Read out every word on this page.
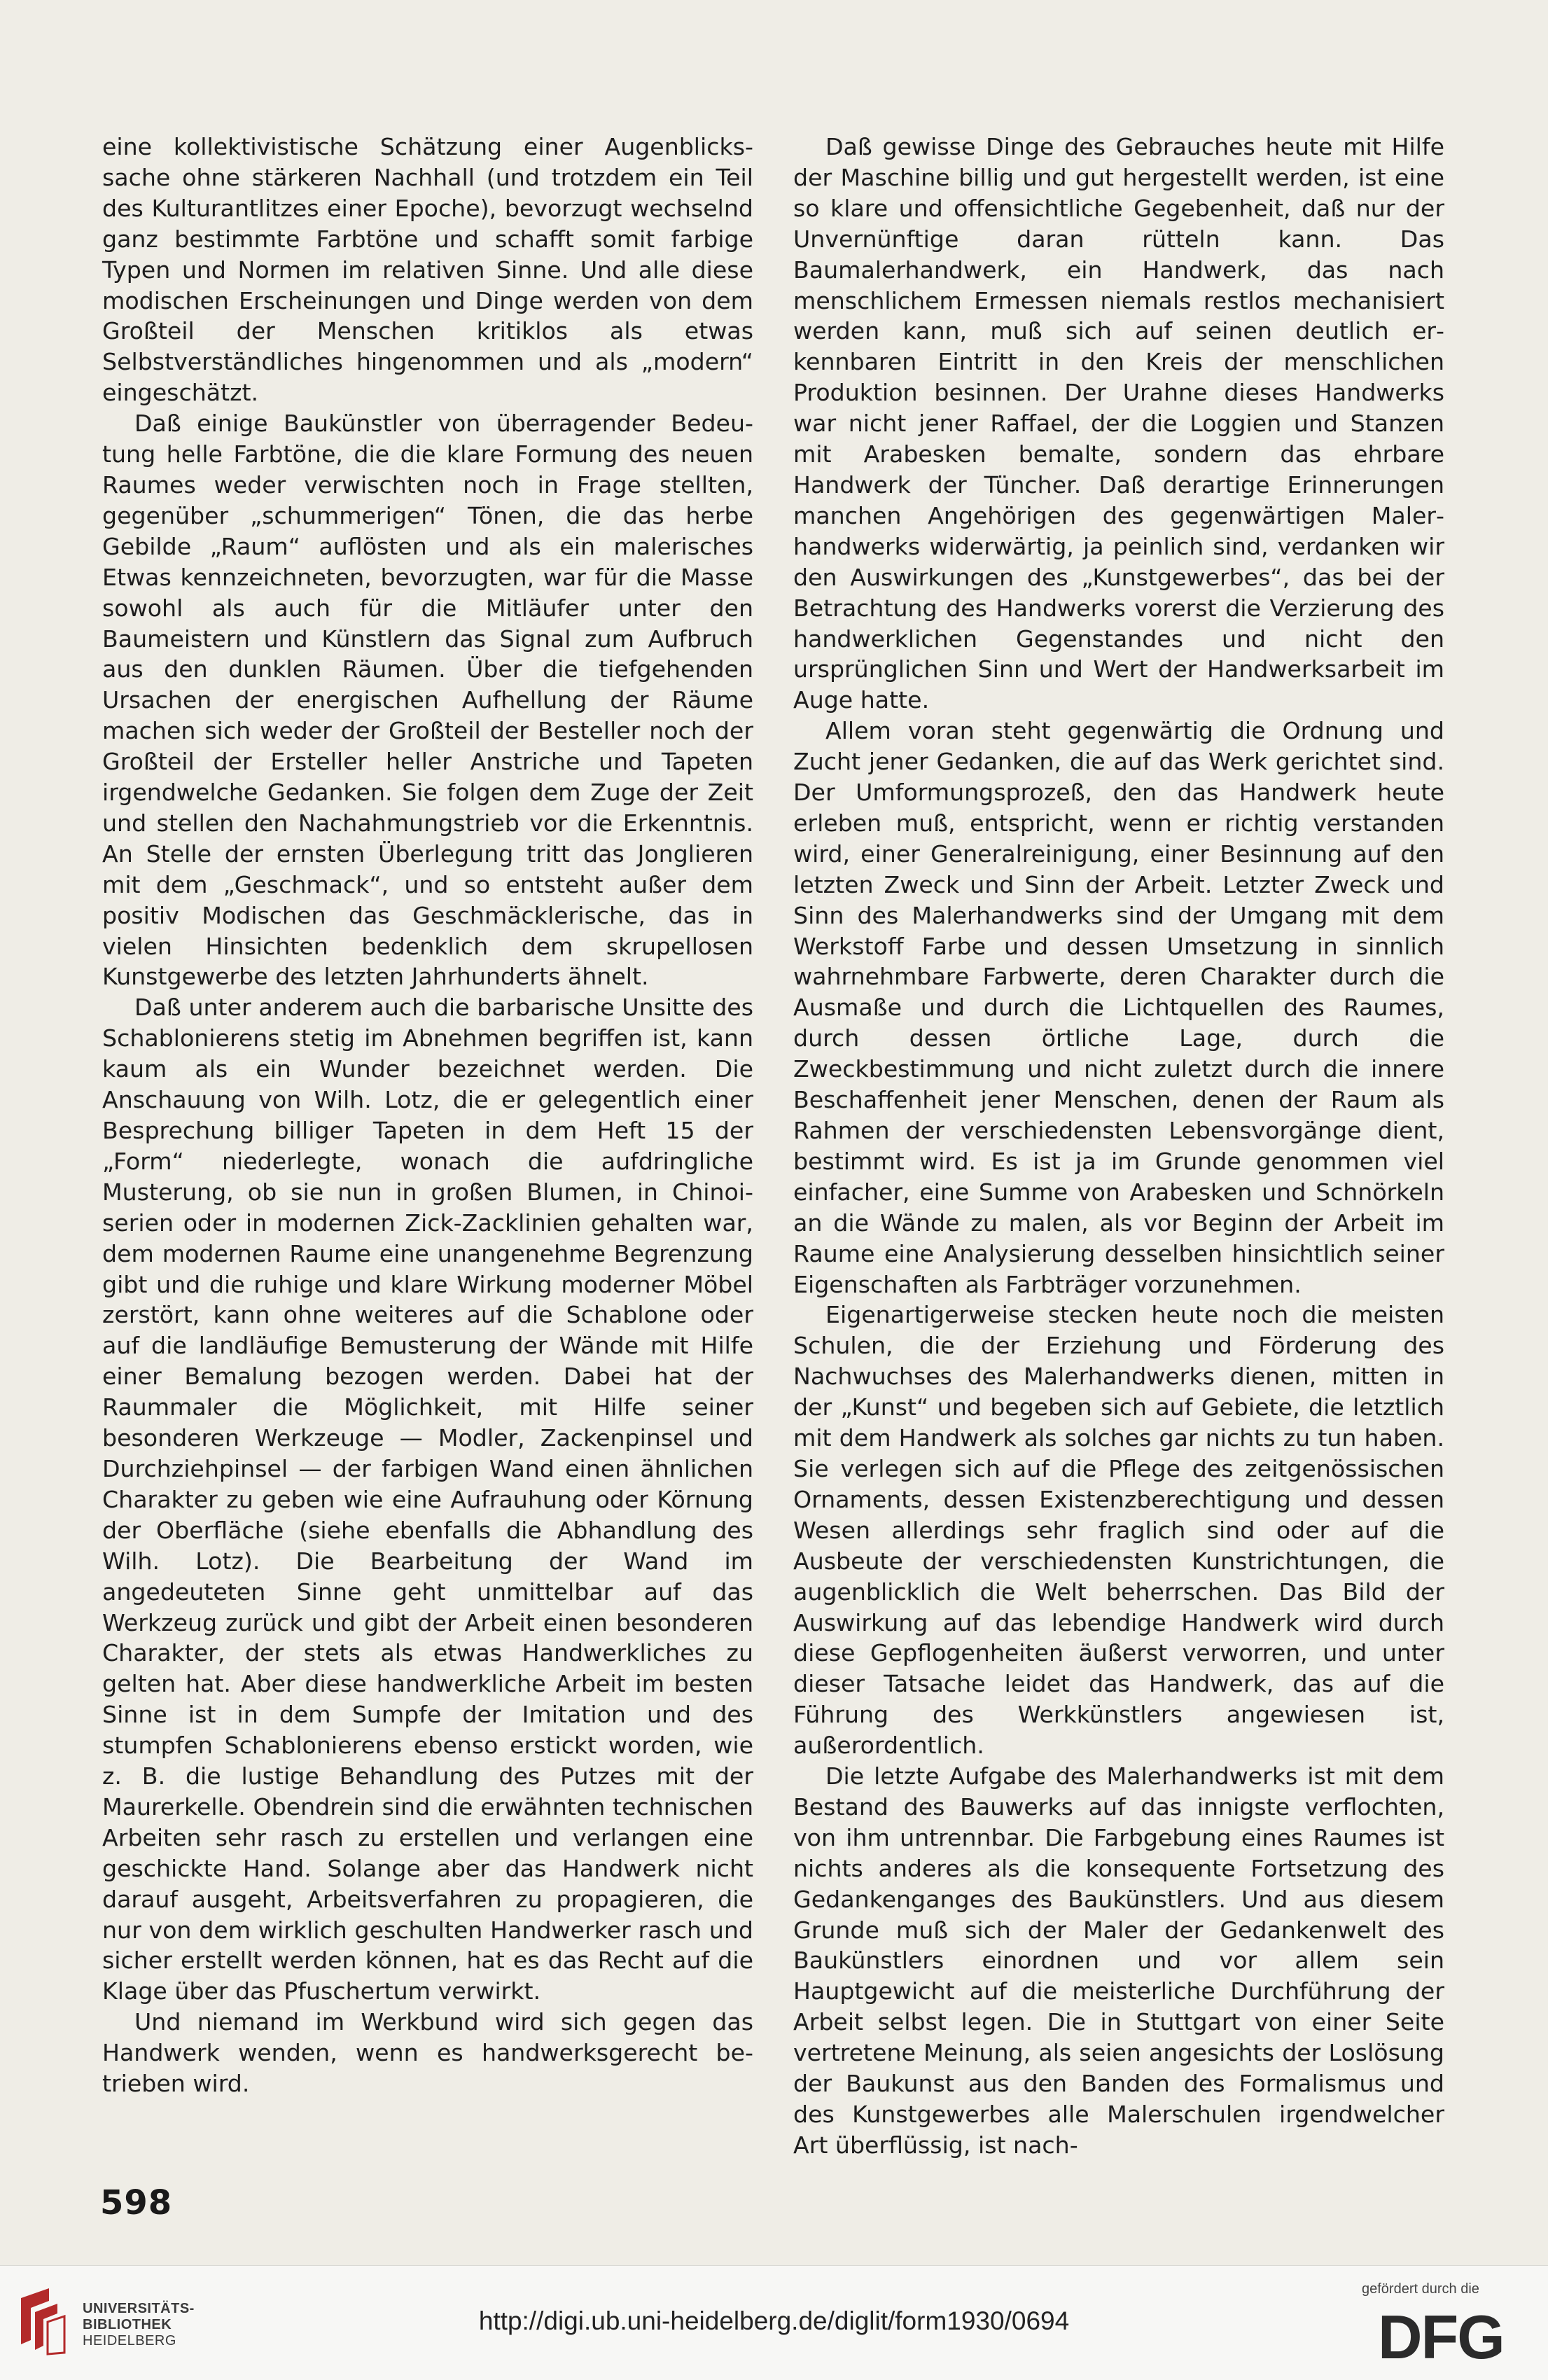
eine kollektivistische Schätzung einer Augenblickssache ohne stärkeren Nachhall (und trotzdem ein Teil des Kulturantlitzes einer Epoche), bevorzugt wechselnd ganz bestimmte Farbtöne und schafft somit farbige Typen und Normen im relativen Sinne. Und alle diese modischen Erscheinungen und Dinge werden von dem Großteil der Menschen kritiklos als etwas Selbstverständliches hingenommen und als „modern“ eingeschätzt.

Daß einige Baukünstler von überragender Bedeutung helle Farbtöne, die die klare Formung des neuen Raumes weder verwischten noch in Frage stellten, gegenüber „schummerigen“ Tönen, die das herbe Gebilde „Raum“ auflösten und als ein malerisches Etwas kennzeichneten, bevorzugten, war für die Masse sowohl als auch für die Mitläufer unter den Baumeistern und Künstlern das Signal zum Aufbruch aus den dunklen Räumen. Über die tiefgehenden Ursachen der energischen Aufhellung der Räume machen sich weder der Großteil der Besteller noch der Großteil der Ersteller heller Anstriche und Tapeten irgendwelche Gedanken. Sie folgen dem Zuge der Zeit und stellen den Nachahmungstrieb vor die Erkenntnis. An Stelle der ernsten Überlegung tritt das Jonglieren mit dem „Geschmack“, und so entsteht außer dem positiv Modischen das Geschmäcklerische, das in vielen Hinsichten bedenklich dem skrupellosen Kunstgewerbe des letzten Jahrhunderts ähnelt.

Daß unter anderem auch die barbarische Unsitte des Schablonierens stetig im Abnehmen begriffen ist, kann kaum als ein Wunder bezeichnet werden. Die Anschauung von Wilh. Lotz, die er gelegentlich einer Besprechung billiger Tapeten in dem Heft 15 der „Form“ niederlegte, wonach die aufdringliche Musterung, ob sie nun in großen Blumen, in Chinoiserien oder in modernen Zick-Zacklinien gehalten war, dem modernen Raume eine unangenehme Begrenzung gibt und die ruhige und klare Wirkung moderner Möbel zerstört, kann ohne weiteres auf die Schablone oder auf die landläufige Bemusterung der Wände mit Hilfe einer Bemalung bezogen werden. Dabei hat der Raummaler die Möglichkeit, mit Hilfe seiner besonderen Werkzeuge — Modler, Zackenpinsel und Durchziehpinsel — der farbigen Wand einen ähnlichen Charakter zu geben wie eine Aufrauhung oder Körnung der Oberfläche (siehe ebenfalls die Abhandlung des Wilh. Lotz). Die Bearbeitung der Wand im angedeuteten Sinne geht unmittelbar auf das Werkzeug zurück und gibt der Arbeit einen besonderen Charakter, der stets als etwas Handwerkliches zu gelten hat. Aber diese handwerkliche Arbeit im besten Sinne ist in dem Sumpfe der Imitation und des stumpfen Schablonierens ebenso erstickt worden, wie z. B. die lustige Behandlung des Putzes mit der Maurerkelle. Obendrein sind die erwähnten technischen Arbeiten sehr rasch zu erstellen und verlangen eine geschickte Hand. Solange aber das Handwerk nicht darauf ausgeht, Arbeitsverfahren zu propagieren, die nur von dem wirklich geschulten Handwerker rasch und sicher erstellt werden können, hat es das Recht auf die Klage über das Pfuschertum verwirkt.

Und niemand im Werkbund wird sich gegen das Handwerk wenden, wenn es handwerksgerecht betrieben wird.

Daß gewisse Dinge des Gebrauches heute mit Hilfe der Maschine billig und gut hergestellt werden, ist eine so klare und offensichtliche Gegebenheit, daß nur der Unvernünftige daran rütteln kann. Das Baumalerhandwerk, ein Handwerk, das nach menschlichem Ermessen niemals restlos mechanisiert werden kann, muß sich auf seinen deutlich erkennbaren Eintritt in den Kreis der menschlichen Produktion besinnen. Der Urahne dieses Handwerks war nicht jener Raffael, der die Loggien und Stanzen mit Arabesken bemalte, sondern das ehrbare Handwerk der Tüncher. Daß derartige Erinnerungen manchen Angehörigen des gegenwärtigen Malerhandwerks widerwärtig, ja peinlich sind, verdanken wir den Auswirkungen des „Kunstgewerbes“, das bei der Betrachtung des Handwerks vorerst die Verzierung des handwerklichen Gegenstandes und nicht den ursprünglichen Sinn und Wert der Handwerksarbeit im Auge hatte.

Allem voran steht gegenwärtig die Ordnung und Zucht jener Gedanken, die auf das Werk gerichtet sind. Der Umformungsprozeß, den das Handwerk heute erleben muß, entspricht, wenn er richtig verstanden wird, einer Generalreinigung, einer Besinnung auf den letzten Zweck und Sinn der Arbeit. Letzter Zweck und Sinn des Malerhandwerks sind der Umgang mit dem Werkstoff Farbe und dessen Umsetzung in sinnlich wahrnehmbare Farbwerte, deren Charakter durch die Ausmaße und durch die Lichtquellen des Raumes, durch dessen örtliche Lage, durch die Zweckbestimmung und nicht zuletzt durch die innere Beschaffenheit jener Menschen, denen der Raum als Rahmen der verschiedensten Lebensvorgänge dient, bestimmt wird. Es ist ja im Grunde genommen viel einfacher, eine Summe von Arabesken und Schnörkeln an die Wände zu malen, als vor Beginn der Arbeit im Raume eine Analysierung desselben hinsichtlich seiner Eigenschaften als Farbträger vorzunehmen.

Eigenartigerweise stecken heute noch die meisten Schulen, die der Erziehung und Förderung des Nachwuchses des Malerhandwerks dienen, mitten in der „Kunst“ und begeben sich auf Gebiete, die letztlich mit dem Handwerk als solches gar nichts zu tun haben. Sie verlegen sich auf die Pflege des zeitgenössischen Ornaments, dessen Existenzberechtigung und dessen Wesen allerdings sehr fraglich sind oder auf die Ausbeute der verschiedensten Kunstrichtungen, die augenblicklich die Welt beherrschen. Das Bild der Auswirkung auf das lebendige Handwerk wird durch diese Gepflogenheiten äußerst verworren, und unter dieser Tatsache leidet das Handwerk, das auf die Führung des Werkkünstlers angewiesen ist, außerordentlich.

Die letzte Aufgabe des Malerhandwerks ist mit dem Bestand des Bauwerks auf das innigste verflochten, von ihm untrennbar. Die Farbgebung eines Raumes ist nichts anderes als die konsequente Fortsetzung des Gedankenganges des Baukünstlers. Und aus diesem Grunde muß sich der Maler der Gedankenwelt des Baukünstlers einordnen und vor allem sein Hauptgewicht auf die meisterliche Durchführung der Arbeit selbst legen. Die in Stuttgart von einer Seite vertretene Meinung, als seien angesichts der Loslösung der Baukunst aus den Banden des Formalismus und des Kunstgewerbes alle Malerschulen irgendwelcher Art überflüssig, ist nach-

598
UNIVERSITÄTS-
BIBLIOTHEK
HEIDELBERG
http://digi.ub.uni-heidelberg.de/diglit/form1930/0694
gefördert durch die
DFG
